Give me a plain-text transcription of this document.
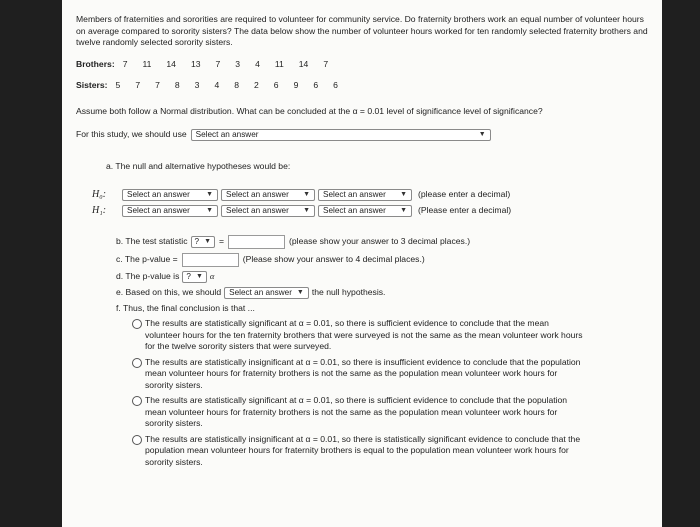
Members of fraternities and sororities are required to volunteer for community service. Do fraternity brothers work an equal number of volunteer hours on average compared to sorority sisters? The data below show the number of volunteer hours worked for ten randomly selected fraternity brothers and twelve randomly selected sorority sisters.
Brothers: 7 11 14 13 7 3 4 11 14 7
Sisters: 5 7 7 8 3 4 8 2 6 9 6 6
Assume both follow a Normal distribution. What can be concluded at the α = 0.01 level of significance level of significance?
For this study, we should use Select an answer	▼
a. The null and alternative hypotheses would be:
H₀:	Select an answer ▼ Select an answer ▼ Select an answer ▼ (please enter a decimal)
H₁:	Select an answer ▼ Select an answer ▼ Select an answer ▼ (Please enter a decimal)
b. The test statistic ? ▼ =	(please show your answer to 3 decimal places.)
c. The p-value =	(Please show your answer to 4 decimal places.)
d. The p-value is ? ▼ α
e. Based on this, we should Select an answer ▼ the null hypothesis.
f. Thus, the final conclusion is that ...
The results are statistically significant at α = 0.01, so there is sufficient evidence to conclude that the mean volunteer hours for the ten fraternity brothers that were surveyed is not the same as the mean volunteer work hours for the twelve sorority sisters that were surveyed.
The results are statistically insignificant at α = 0.01, so there is insufficient evidence to conclude that the population mean volunteer hours for fraternity brothers is not the same as the population mean volunteer work hours for sorority sisters.
The results are statistically significant at α = 0.01, so there is sufficient evidence to conclude that the population mean volunteer hours for fraternity brothers is not the same as the population mean volunteer work hours for sorority sisters.
The results are statistically insignificant at α = 0.01, so there is statistically significant evidence to conclude that the population mean volunteer hours for fraternity brothers is equal to the population mean volunteer work hours for sorority sisters.
